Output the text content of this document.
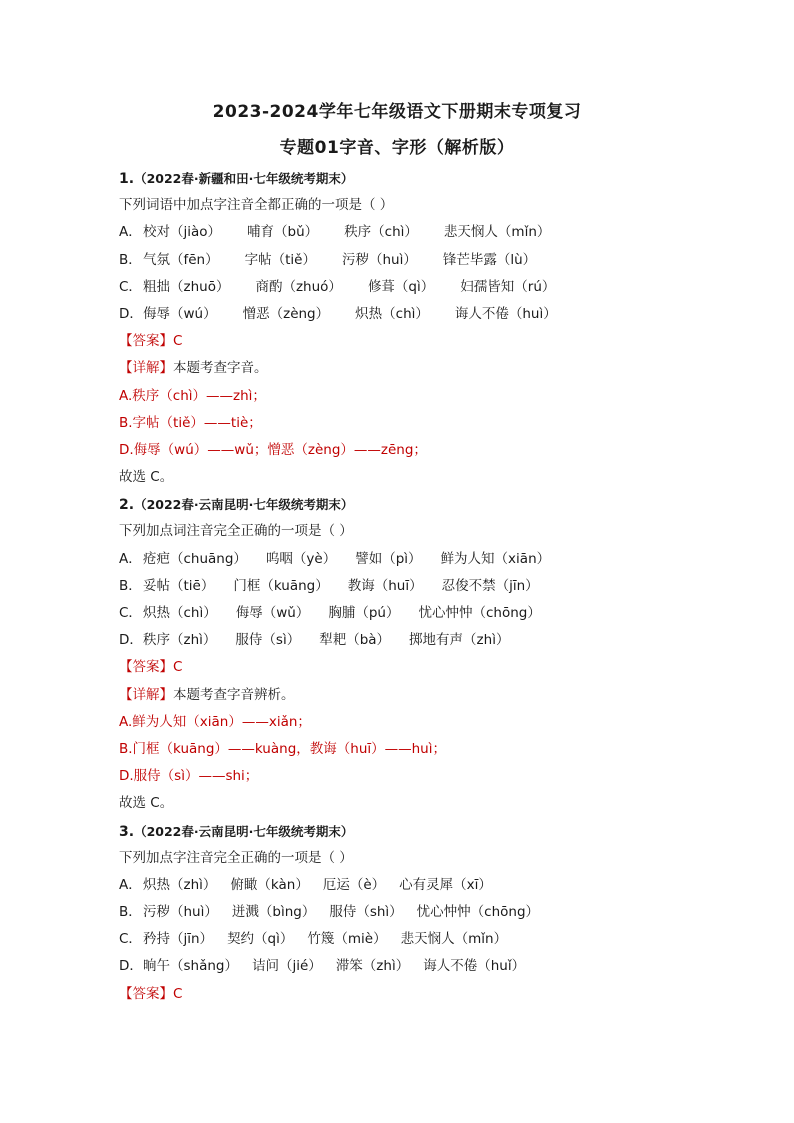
2023-2024学年七年级语文下册期末专项复习
专题01字音、字形（解析版）
1.（2022春·新疆和田·七年级统考期末）
下列词语中加点字注音全都正确的一项是（ ）
A． 校对（jiào） 哺育（bǔ） 秩序（chì） 悲天悯人（mǐn）
B． 气氛（fēn） 字帖（tiě） 污秽（huì） 锋芒毕露（lù）
C． 粗拙（zhuō） 商酌（zhuó） 修葺（qì） 妇孺皆知（rú）
D． 侮辱（wú） 憎恶（zèng） 炽热（chì） 诲人不倦（huì）
【答案】C
【详解】本题考查字音。
A.秩序（chì）——zhì；
B.字帖（tiě）——tiè；
D.侮辱（wú）——wǔ；憎恶（zèng）——zēng；
故选 C。
2.（2022春·云南昆明·七年级统考期末）
下列加点词注音完全正确的一项是（ ）
A． 疮疤（chuāng） 呜咽（yè） 譬如（pì） 鲜为人知（xiān）
B． 妥帖（tiē） 门框（kuāng） 教诲（huī） 忍俊不禁（jīn）
C． 炽热（chì） 侮辱（wǔ） 胸脯（pú） 忧心忡忡（chōng）
D． 秩序（zhì） 服侍（sì） 犁耙（bà） 掷地有声（zhì）
【答案】C
【详解】本题考查字音辨析。
A.鲜为人知（xiān）——xiǎn；
B.门框（kuāng）——kuàng，教诲（huī）——huì；
D.服侍（sì）——shi；
故选 C。
3.（2022春·云南昆明·七年级统考期末）
下列加点字注音完全正确的一项是（ ）
A． 炽热（zhì） 俯瞰（kàn） 厄运（è） 心有灵犀（xī）
B． 污秽（huì） 迸溅（bìng） 服侍（shì） 忧心忡忡（chōng）
C． 矜持（jīn） 契约（qì） 竹篾（miè） 悲天悯人（mǐn）
D． 晌午（shǎng） 诘问（jié） 滞笨（zhì） 诲人不倦（huǐ）
【答案】C
